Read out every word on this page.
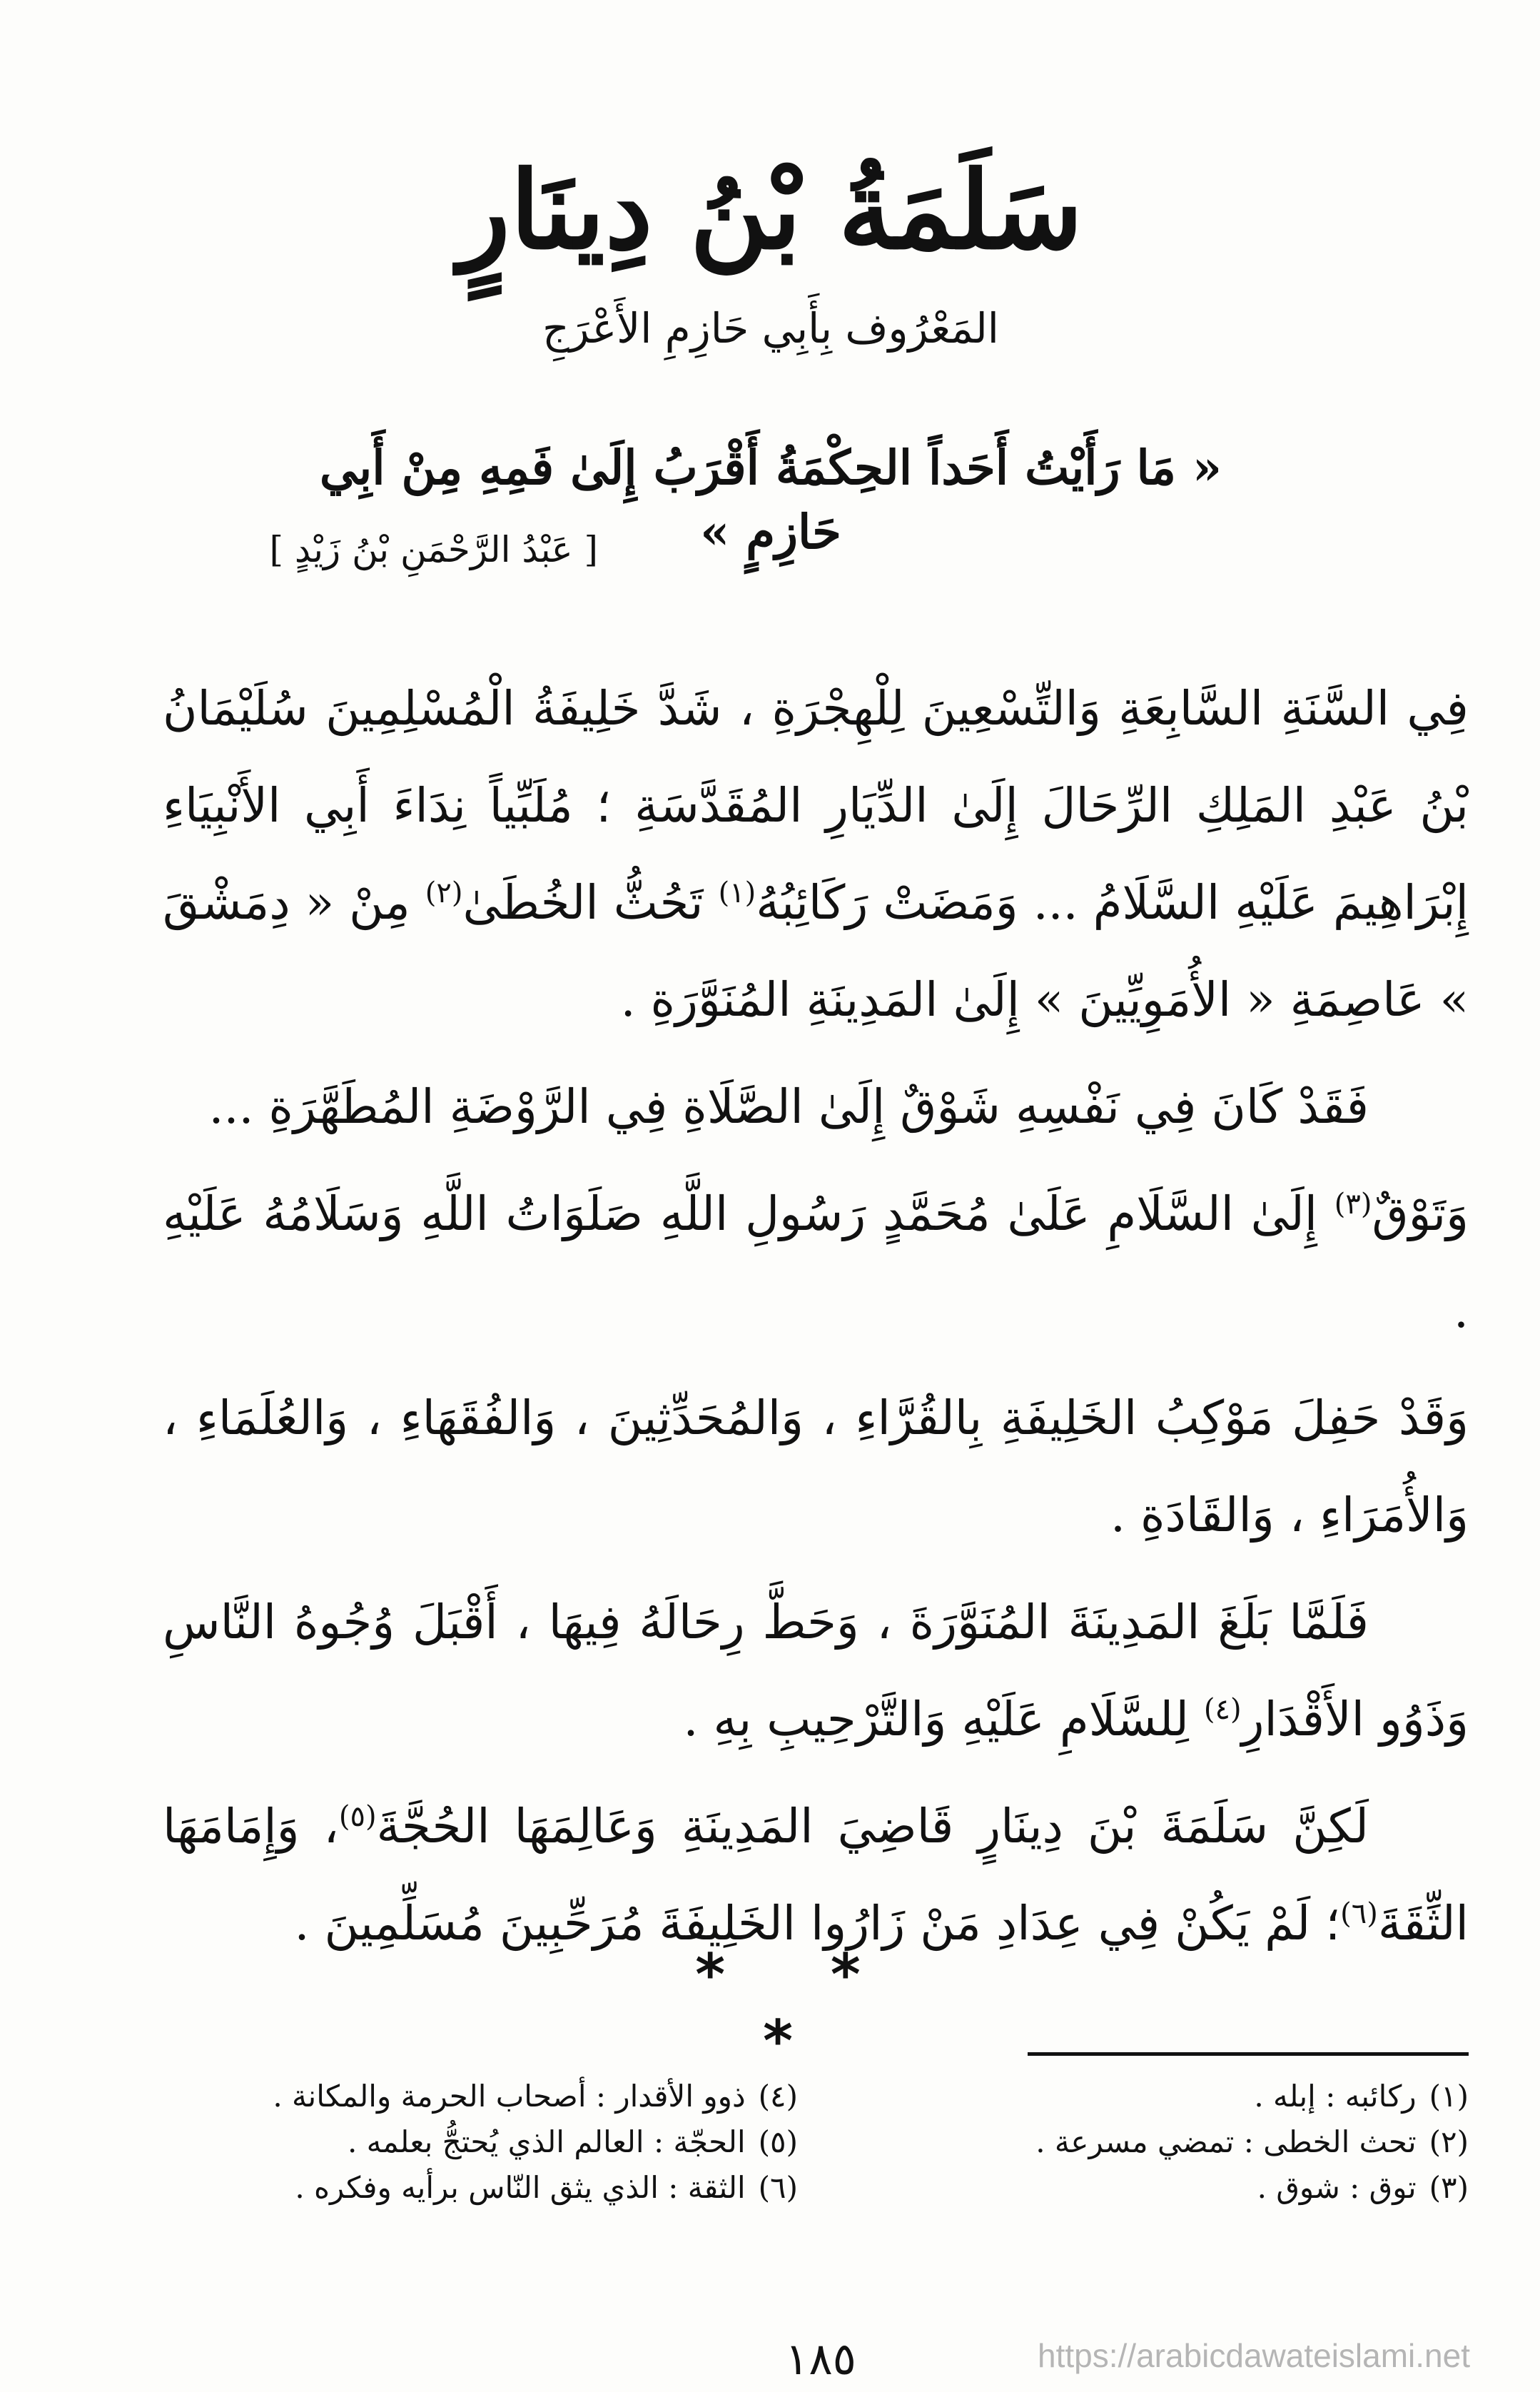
سَلَمَةُ بْنُ دِينَارٍ
المَعْرُوف بِأَبِي حَازِمِ الأَعْرَجِ
« مَا رَأَيْتُ أَحَداً الحِكْمَةُ أَقْرَبُ إِلَىٰ فَمِهِ مِنْ أَبِي حَازِمٍ »
[ عَبْدُ الرَّحْمَنِ بْنُ زَيْدٍ ]

فِي السَّنَةِ السَّابِعَةِ وَالتِّسْعِينَ لِلْهِجْرَةِ ، شَدَّ خَلِيفَةُ الْمُسْلِمِينَ سُلَيْمَانُ بْنُ عَبْدِ المَلِكِ الرِّحَالَ إِلَىٰ الدِّيَارِ المُقَدَّسَةِ ؛ مُلَبِّياً نِدَاءَ أَبِي الأَنْبِيَاءِ إِبْرَاهِيمَ عَلَيْهِ السَّلَامُ ... وَمَضَتْ رَكَائِبُهُ$^{(١)}$ تَحُثُّ الخُطَىٰ$^{(٢)}$ مِنْ « دِمَشْقَ » عَاصِمَةِ « الأُمَوِيِّينَ » إِلَىٰ المَدِينَةِ المُنَوَّرَةِ .

فَقَدْ كَانَ فِي نَفْسِهِ شَوْقٌ إِلَىٰ الصَّلَاةِ فِي الرَّوْضَةِ المُطَهَّرَةِ ...

وَتَوْقٌ$^{(٣)}$ إِلَىٰ السَّلَامِ عَلَىٰ مُحَمَّدٍ رَسُولِ اللَّهِ صَلَوَاتُ اللَّهِ وَسَلَامُهُ عَلَيْهِ .

وَقَدْ حَفِلَ مَوْكِبُ الخَلِيفَةِ بِالقُرَّاءِ ، وَالمُحَدِّثِينَ ، وَالفُقَهَاءِ ، وَالعُلَمَاءِ ، وَالأُمَرَاءِ ، وَالقَادَةِ .

فَلَمَّا بَلَغَ المَدِينَةَ المُنَوَّرَةَ ، وَحَطَّ رِحَالَهُ فِيهَا ، أَقْبَلَ وُجُوهُ النَّاسِ وَذَوُو الأَقْدَارِ$^{(٤)}$ لِلسَّلَامِ عَلَيْهِ وَالتَّرْحِيبِ بِهِ .

لَكِنَّ سَلَمَةَ بْنَ دِينَارٍ قَاضِيَ المَدِينَةِ وَعَالِمَهَا الحُجَّةَ$^{(٥)}$، وَإِمَامَهَا الثِّقَةَ$^{(٦)}$؛ لَمْ يَكُنْ فِي عِدَادِ مَنْ زَارُوا الخَلِيفَةَ مُرَحِّبِينَ مُسَلِّمِينَ .

* * *
(١)ركائبه : إبله .
(٢)تحث الخطى : تمضي مسرعة .
(٣)توق : شوق .
(٤)ذوو الأقدار : أصحاب الحرمة والمكانة .
(٥)الحجّة : العالم الذي يُحتجُّ بعلمه .
(٦)الثقة : الذي يثق النّاس برأيه وفكره .
١٨٥	https://arabicdawateislami.net
